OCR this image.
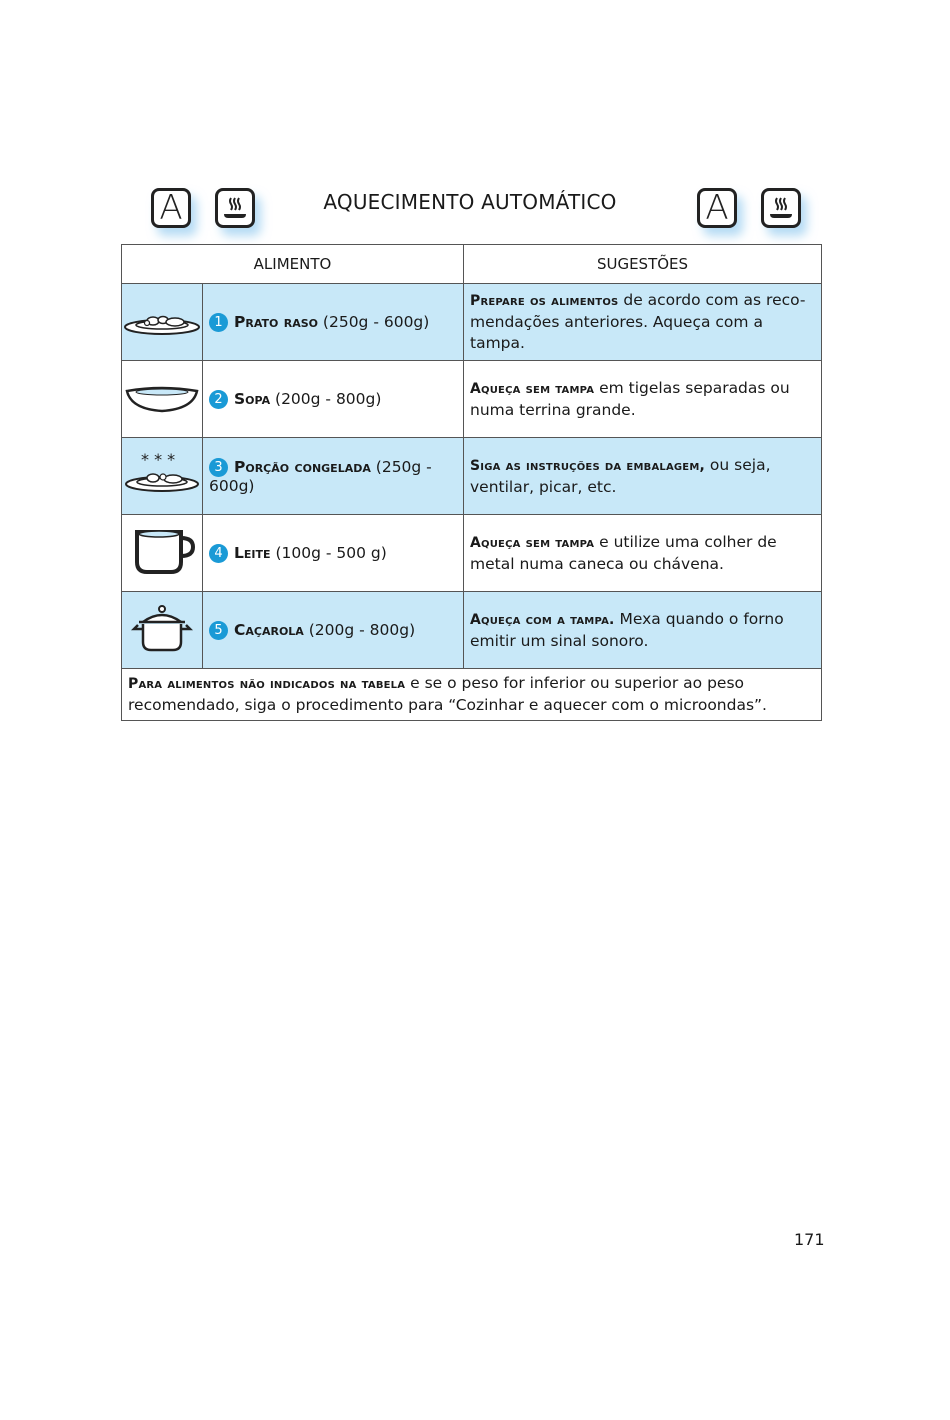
A	AQUECIMENTO AUTOMÁTICO	A
ALIMENTO		SUGESTÕES
	1 Prato raso (250g - 600g)	Prepare os alimentos de acordo com as reco- mendações anteriores. Aqueça com a tampa.
	2 Sopa (200g - 800g)	Aqueça sem tampa em tigelas separadas ou numa terrina grande.

* * *	3 Porção congelada (250g - 600g)	Siga as instruções da embalagem, ou seja, ventilar, picar, etc.
	4 Leite (100g - 500 g)	Aqueça sem tampa e utilize uma colher de metal numa caneca ou chávena.
	5 Caçarola (200g - 800g)	Aqueça com a tampa. Mexa quando o forno emitir um sinal sonoro.
Para alimentos não indicados na tabela e se o peso for inferior ou superior ao peso recomendado, siga o procedimento para “Cozinhar e aquecer com o microondas”.		
171
